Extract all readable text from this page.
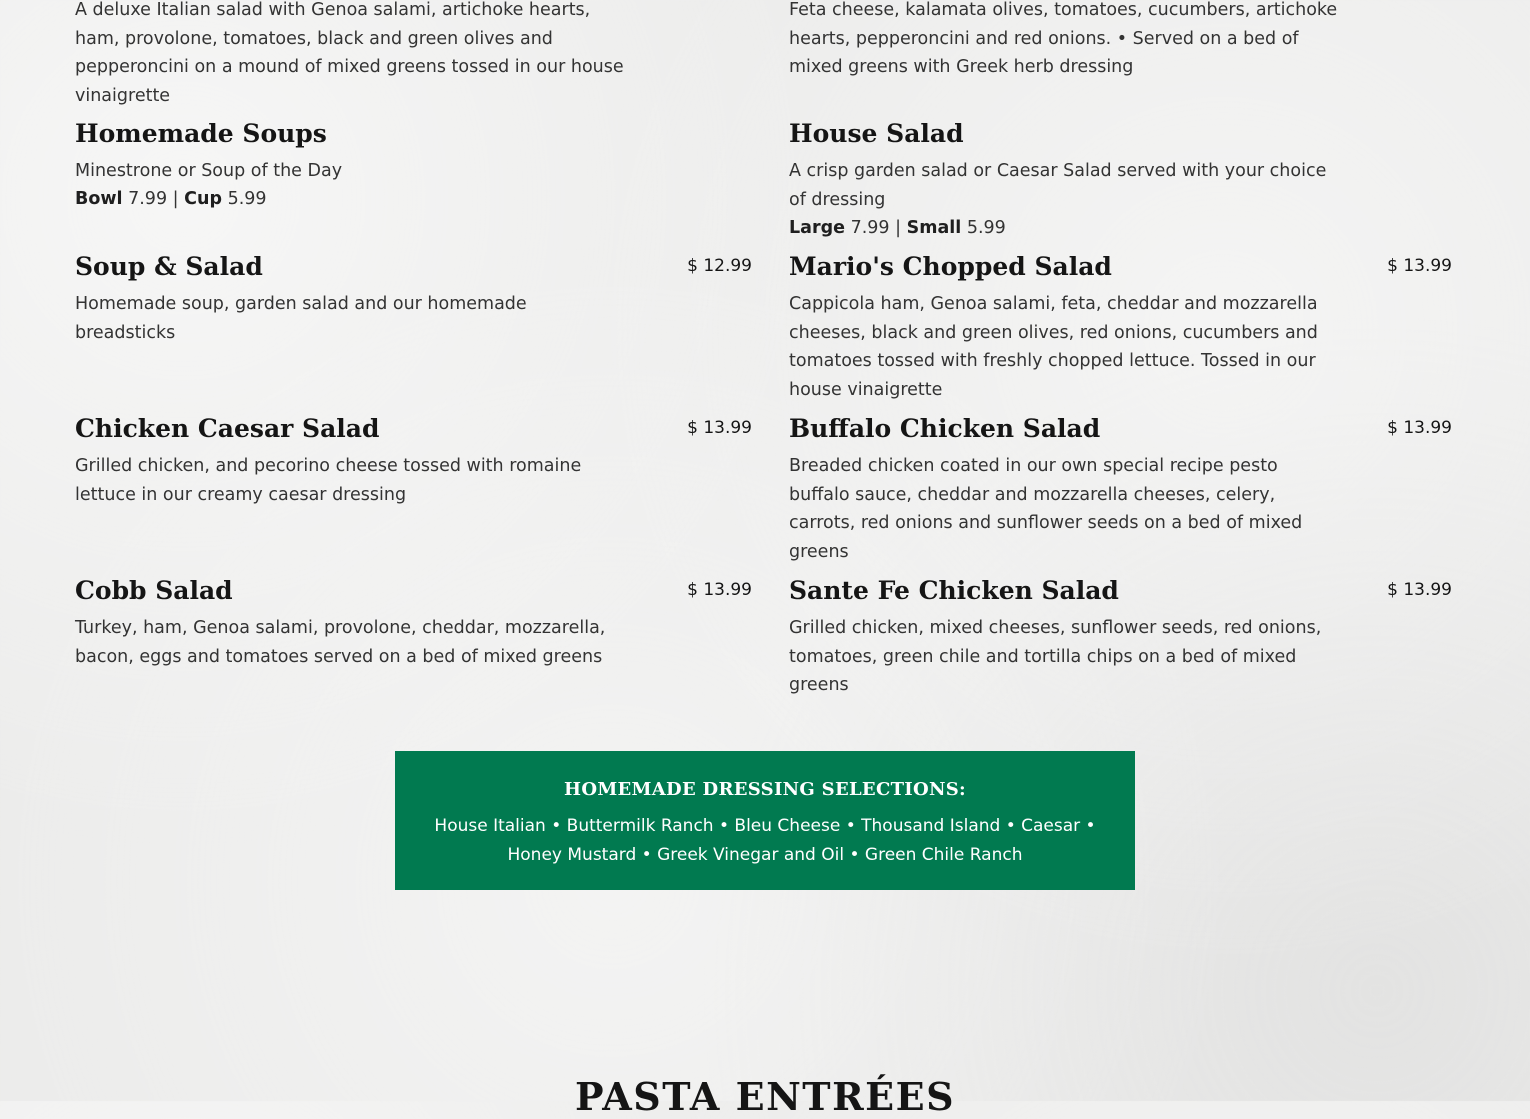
A deluxe Italian salad with Genoa salami, artichoke hearts, ham, provolone, tomatoes, black and green olives and pepperoncini on a mound of mixed greens tossed in our house vinaigrette

Feta cheese, kalamata olives, tomatoes, cucumbers, artichoke hearts, pepperoncini and red onions. • Served on a bed of mixed greens with Greek herb dressing

Homemade Soups

Minestrone or Soup of the Day

Bowl 7.99 | Cup 5.99
House Salad

A crisp garden salad or Caesar Salad served with your choice of dressing

Large 7.99 | Small 5.99
Soup & Salad	$ 12.99

Homemade soup, garden salad and our homemade breadsticks

Mario's Chopped Salad	$ 13.99

Cappicola ham, Genoa salami, feta, cheddar and mozzarella cheeses, black and green olives, red onions, cucumbers and tomatoes tossed with freshly chopped lettuce. Tossed in our house vinaigrette

Chicken Caesar Salad	$ 13.99

Grilled chicken, and pecorino cheese tossed with romaine lettuce in our creamy caesar dressing

Buffalo Chicken Salad	$ 13.99

Breaded chicken coated in our own special recipe pesto buffalo sauce, cheddar and mozzarella cheeses, celery, carrots, red onions and sunflower seeds on a bed of mixed greens

Cobb Salad	$ 13.99

Turkey, ham, Genoa salami, provolone, cheddar, mozzarella, bacon, eggs and tomatoes served on a bed of mixed greens

Sante Fe Chicken Salad	$ 13.99

Grilled chicken, mixed cheeses, sunflower seeds, red onions, tomatoes, green chile and tortilla chips on a bed of mixed greens

HOMEMADE DRESSING SELECTIONS:
House Italian • Buttermilk Ranch • Bleu Cheese • Thousand Island • Caesar • Honey Mustard • Greek Vinegar and Oil • Green Chile Ranch
PASTA ENTRÉES
